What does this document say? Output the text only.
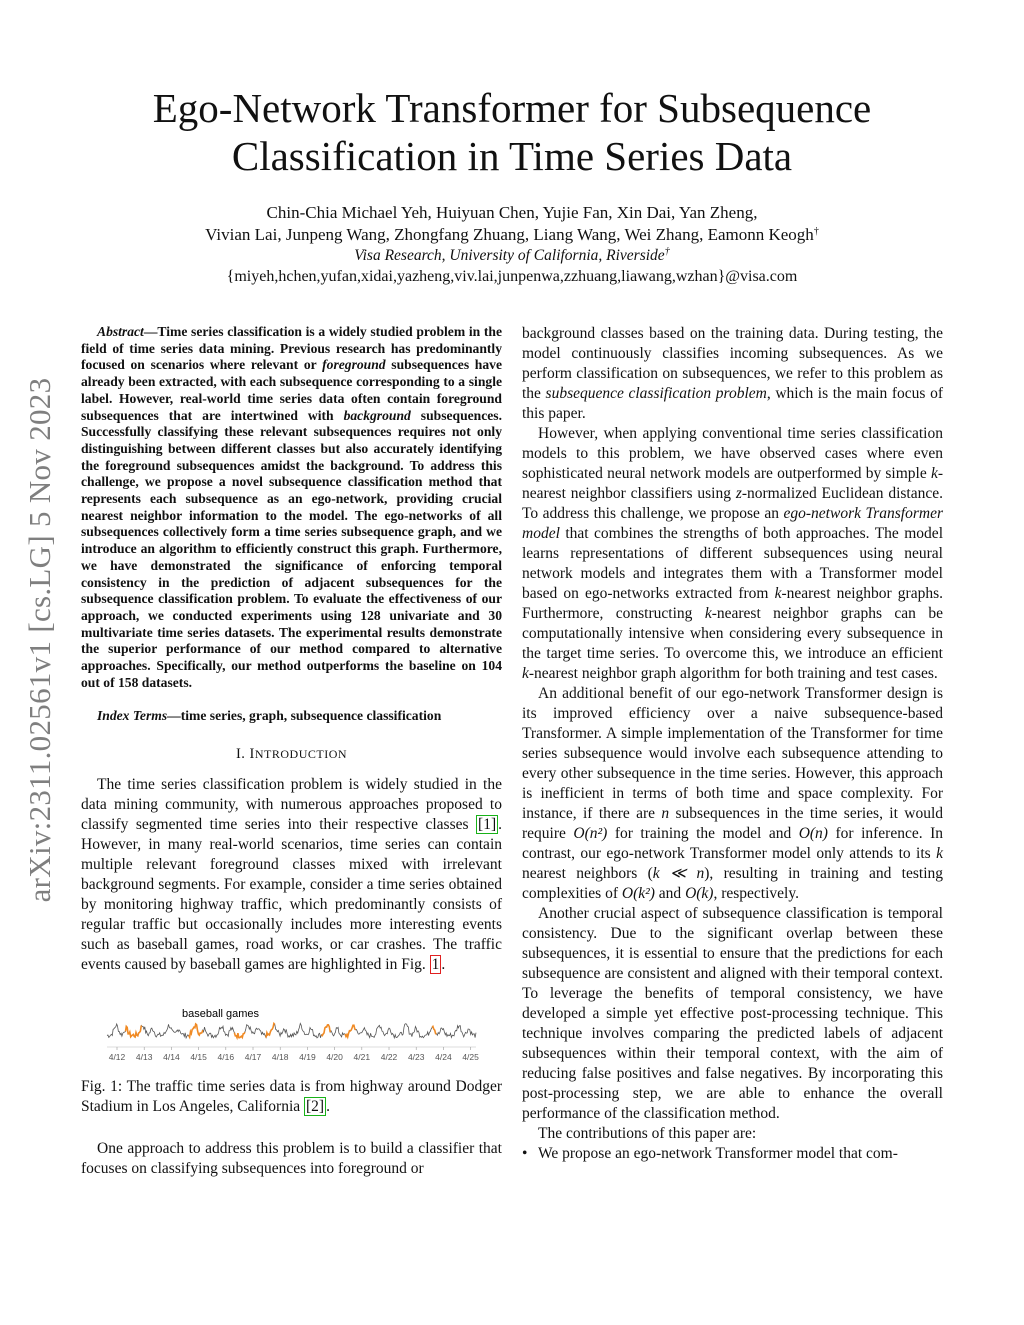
arXiv:2311.02561v1 [cs.LG] 5 Nov 2023
Ego-Network Transformer for Subsequence
Classification in Time Series Data
Chin-Chia Michael Yeh, Huiyuan Chen, Yujie Fan, Xin Dai, Yan Zheng,
Vivian Lai, Junpeng Wang, Zhongfang Zhuang, Liang Wang, Wei Zhang, Eamonn Keogh†
Visa Research, University of California, Riverside†
{miyeh,hchen,yufan,xidai,yazheng,viv.lai,junpenwa,zzhuang,liawang,wzhan}@visa.com

Abstract—Time series classification is a widely studied problem in the field of time series data mining. Previous research has predominantly focused on scenarios where relevant or foreground subsequences have already been extracted, with each subsequence corresponding to a single label. However, real-world time series data often contain foreground subsequences that are intertwined with background subsequences. Successfully classifying these relevant subsequences requires not only distinguishing between different classes but also accurately identifying the foreground subsequences amidst the background. To address this challenge, we propose a novel subsequence classification method that represents each subsequence as an ego-network, providing crucial nearest neighbor information to the model. The ego-networks of all subsequences collectively form a time series subsequence graph, and we introduce an algorithm to efficiently construct this graph. Furthermore, we have demonstrated the significance of enforcing temporal consistency in the prediction of adjacent subsequences for the subsequence classification problem. To evaluate the effectiveness of our approach, we conducted experiments using 128 univariate and 30 multivariate time series datasets. The experimental results demonstrate the superior performance of our method compared to alternative approaches. Specifically, our method outperforms the baseline on 104 out of 158 datasets.

Index Terms—time series, graph, subsequence classification
I. INTRODUCTION

The time series classification problem is widely studied in the data mining community, with numerous approaches proposed to classify segmented time series into their respective classes [1] . However, in many real-world scenarios, time series can contain multiple relevant foreground classes mixed with irrelevant background segments. For example, consider a time series obtained by monitoring highway traffic, which predominantly consists of regular traffic but occasionally includes more interesting events such as baseball games, road works, or car crashes. The traffic events caused by baseball games are highlighted in Fig. 1 .

baseball games
4/12 4/13 4/14 4/15 4/16 4/17 4/18 4/19 4/20 4/21 4/22 4/23 4/24 4/25
Fig. 1: The traffic time series data is from highway around Dodger Stadium in Los Angeles, California [2] .

One approach to address this problem is to build a classifier that focuses on classifying subsequences into foreground or

background classes based on the training data. During testing, the model continuously classifies incoming subsequences. As we perform classification on subsequences, we refer to this problem as the subsequence classification problem, which is the main focus of this paper.

However, when applying conventional time series classification models to this problem, we have observed cases where even sophisticated neural network models are outperformed by simple k-nearest neighbor classifiers using z-normalized Euclidean distance. To address this challenge, we propose an ego-network Transformer model that combines the strengths of both approaches. The model learns representations of different subsequences using neural network models and integrates them with a Transformer model based on ego-networks extracted from k-nearest neighbor graphs. Furthermore, constructing k-nearest neighbor graphs can be computationally intensive when considering every subsequence in the target time series. To overcome this, we introduce an efficient k-nearest neighbor graph algorithm for both training and test cases.

An additional benefit of our ego-network Transformer design is its improved efficiency over a naive subsequence-based Transformer. A simple implementation of the Transformer for time series subsequence would involve each subsequence attending to every other subsequence in the time series. However, this approach is inefficient in terms of both time and space complexity. For instance, if there are n subsequences in the time series, it would require O(n²) for training the model and O(n) for inference. In contrast, our ego-network Transformer model only attends to its k nearest neighbors (k ≪ n), resulting in training and testing complexities of O(k²) and O(k), respectively.

Another crucial aspect of subsequence classification is temporal consistency. Due to the significant overlap between these subsequences, it is essential to ensure that the predictions for each subsequence are consistent and aligned with their temporal context. To leverage the benefits of temporal consistency, we have developed a simple yet effective post-processing technique. This technique involves comparing the predicted labels of adjacent subsequences within their temporal context, with the aim of reducing false positives and false negatives. By incorporating this post-processing step, we are able to enhance the overall performance of the classification method.

The contributions of this paper are:

• We propose an ego-network Transformer model that com-
